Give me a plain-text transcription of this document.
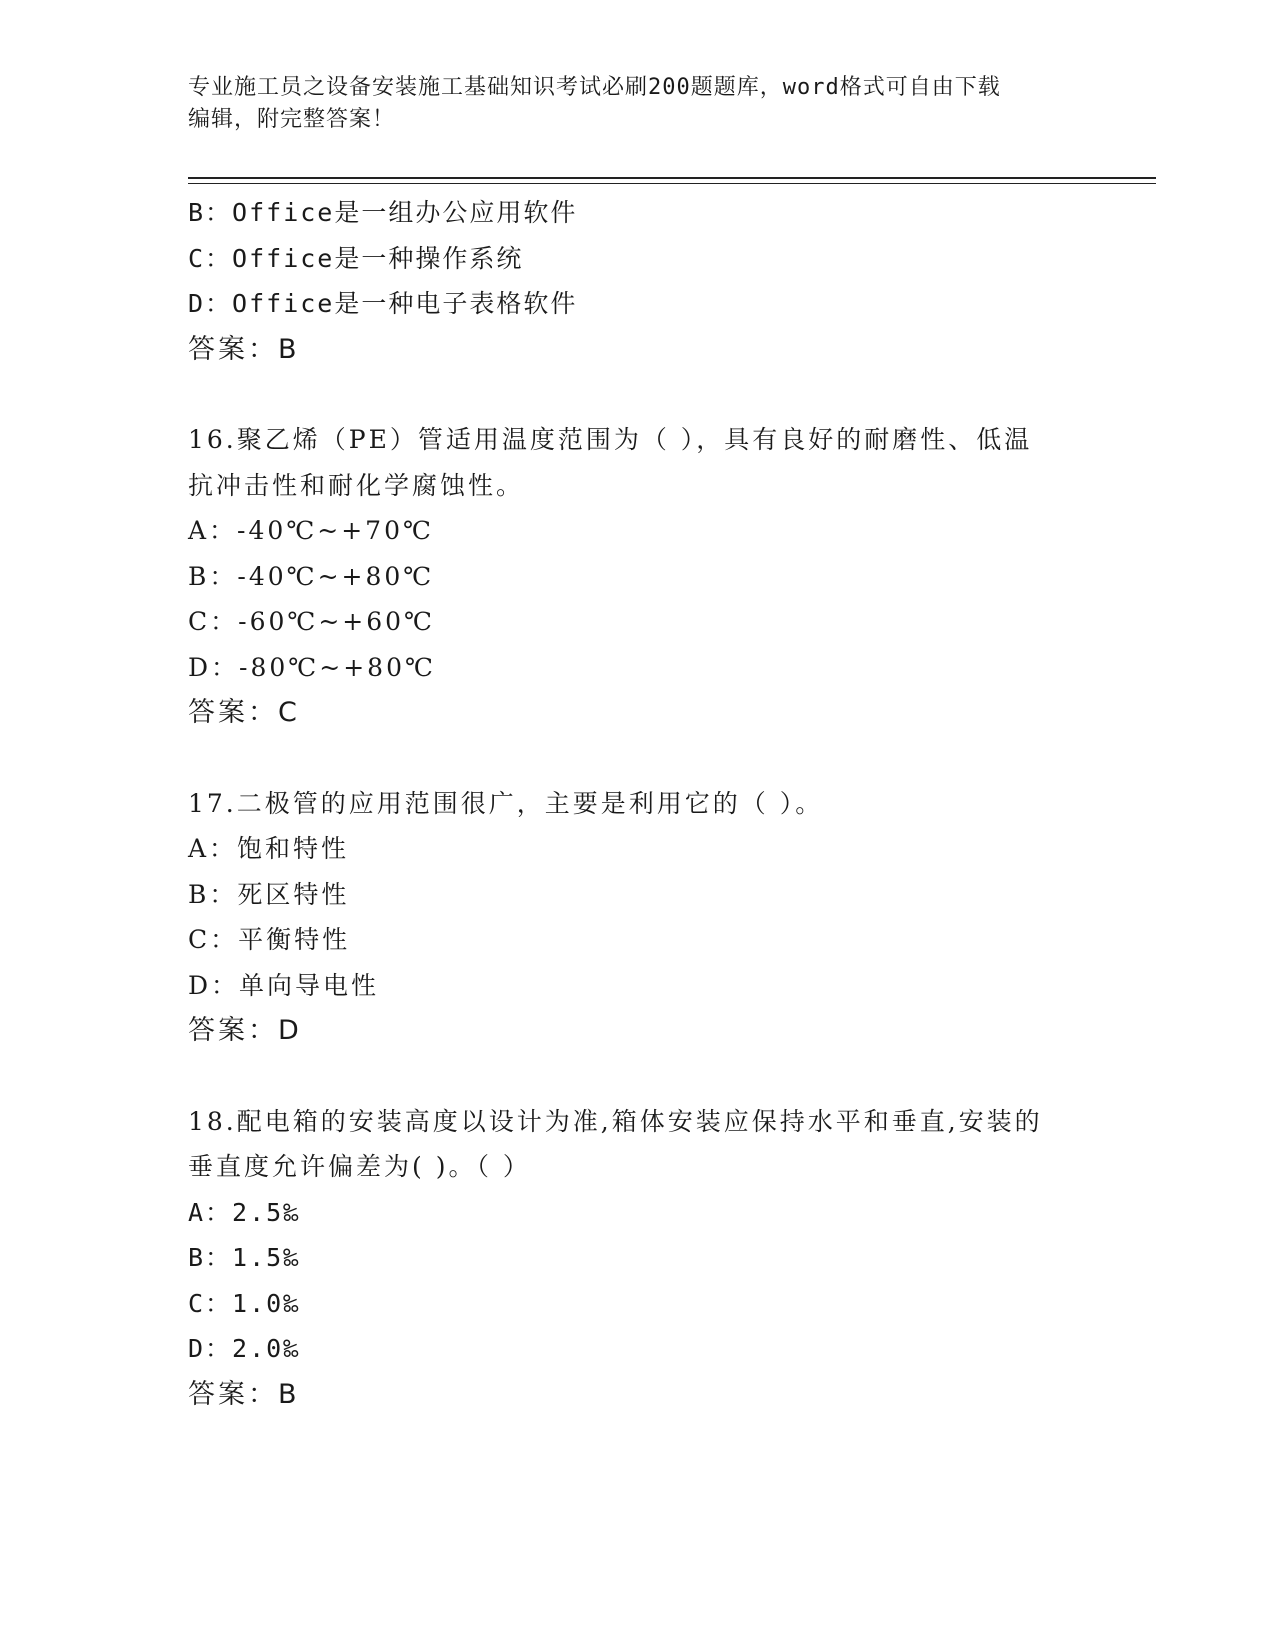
专业施工员之设备安装施工基础知识考试必刷200题题库，word格式可自由下载
编辑，附完整答案！
B：Office是一组办公应用软件
C：Office是一种操作系统
D：Office是一种电子表格软件
答案：B
16.聚乙烯（PE）管适用温度范围为（ ），具有良好的耐磨性、低温
抗冲击性和耐化学腐蚀性。
A：-40℃~+70℃
B：-40℃~+80℃
C：-60℃~+60℃
D：-80℃~+80℃
答案：C
17.二极管的应用范围很广，主要是利用它的（ ）。
A：饱和特性
B：死区特性
C：平衡特性
D：单向导电性
答案：D
18.配电箱的安装高度以设计为准,箱体安装应保持水平和垂直,安装的
垂直度允许偏差为( )。（ ）
A：2.5‰
B：1.5‰
C：1.0‰
D：2.0‰
答案：B
